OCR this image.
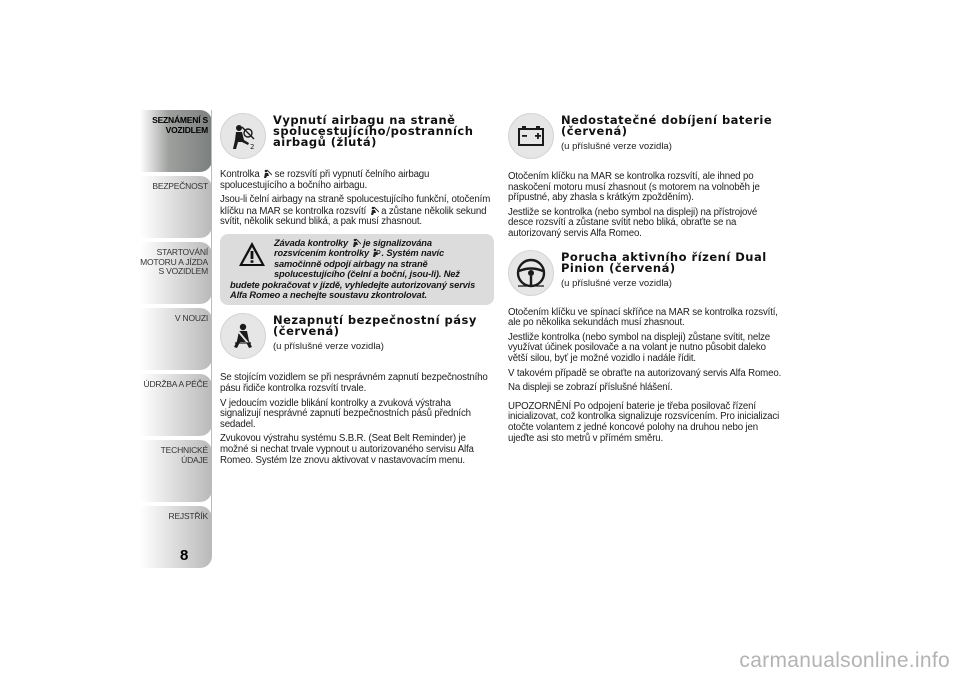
SEZNÁMENÍ S VOZIDLEM
BEZPEČNOST
STARTOVÁNÍ MOTORU A JÍZDA S VOZIDLEM
V NOUZI
ÚDRŽBA A PÉČE
TECHNICKÉ ÚDAJE
REJSTŘÍK
8
2
Vypnutí airbagu na straně spolucestujícího/postranních airbagů (žlutá)

Kontrolka se rozsvítí při vypnutí čelního airbagu spolucestujícího a bočního airbagu.

Jsou-li čelní airbagy na straně spolucestujícího funkční, otočením klíčku na MAR se kontrolka rozsvítí a zůstane několik sekund svítit, několik sekund bliká, a pak musí zhasnout.

Závada kontrolky je signalizována rozsvícením kontrolky . Systém navíc samočinně odpojí airbagy na straně spolucestujícího (čelní a boční, jsou-li). Než budete pokračovat v jízdě, vyhledejte autorizovaný servis Alfa Romeo a nechejte soustavu zkontrolovat.
Nezapnutí bezpečnostní pásy (červená)
(u příslušné verze vozidla)

Se stojícím vozidlem se při nesprávném zapnutí bezpečnostního pásu řidiče kontrolka rozsvítí trvale.

V jedoucím vozidle blikání kontrolky a zvuková výstraha signalizují nesprávné zapnutí bezpečnostních pásů předních sedadel.

Zvukovou výstrahu systému S.B.R. (Seat Belt Reminder) je možné si nechat trvale vypnout u autorizovaného servisu Alfa Romeo. Systém lze znovu aktivovat v nastavovacím menu.

Nedostatečné dobíjení baterie (červená)
(u příslušné verze vozidla)

Otočením klíčku na MAR se kontrolka rozsvítí, ale ihned po naskočení motoru musí zhasnout (s motorem na volnoběh je přípustné, aby zhasla s krátkým zpožděním).

Jestliže se kontrolka (nebo symbol na displeji) na přístrojové desce rozsvítí a zůstane svítit nebo bliká, obraťte se na autorizovaný servis Alfa Romeo.

Porucha aktivního řízení Dual Pinion (červená)
(u příslušné verze vozidla)

Otočením klíčku ve spínací skříňce na MAR se kontrolka rozsvítí, ale po několika sekundách musí zhasnout.

Jestliže kontrolka (nebo symbol na displeji) zůstane svítit, nelze využívat účinek posilovače a na volant je nutno působit daleko větší silou, byť je možné vozidlo i nadále řídit.

V takovém případě se obraťte na autorizovaný servis Alfa Romeo.

Na displeji se zobrazí příslušné hlášení.

UPOZORNĚNÍ Po odpojení baterie je třeba posilovač řízení inicializovat, což kontrolka signalizuje rozsvícením. Pro inicializaci otočte volantem z jedné koncové polohy na druhou nebo jen ujeďte asi sto metrů v přímém směru.

carmanualsonline.info
